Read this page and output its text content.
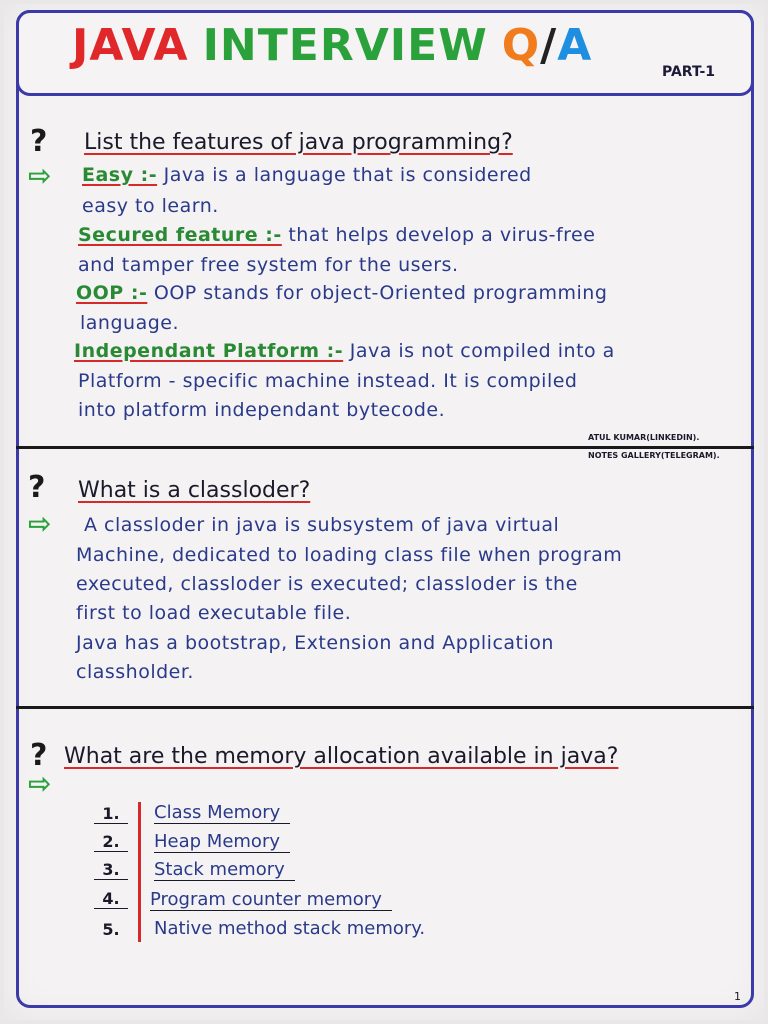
JAVA INTERVIEW Q/A
PART-1
? List the features of java programming?
⇨ Easy :- Java is a language that is considered
easy to learn.
Secured feature :- that helps develop a virus-free
and tamper free system for the users.
OOP :- OOP stands for object-Oriented programming
language.
Independant Platform :- Java is not compiled into a
Platform - specific machine instead. It is compiled
into platform independant bytecode.
ATUL KUMAR(LINKEDIN).
NOTES GALLERY(TELEGRAM).
? What is a classloder?
⇨ A classloder in java is subsystem of java virtual
Machine, dedicated to loading class file when program
executed, classloder is executed; classloder is the
first to load executable file.
Java has a bootstrap, Extension and Application
classholder.
? What are the memory allocation available in java?
⇨
1.	Class Memory
2.	Heap Memory
3.	Stack memory
4.	Program counter memory
5.	Native method stack memory.
1
